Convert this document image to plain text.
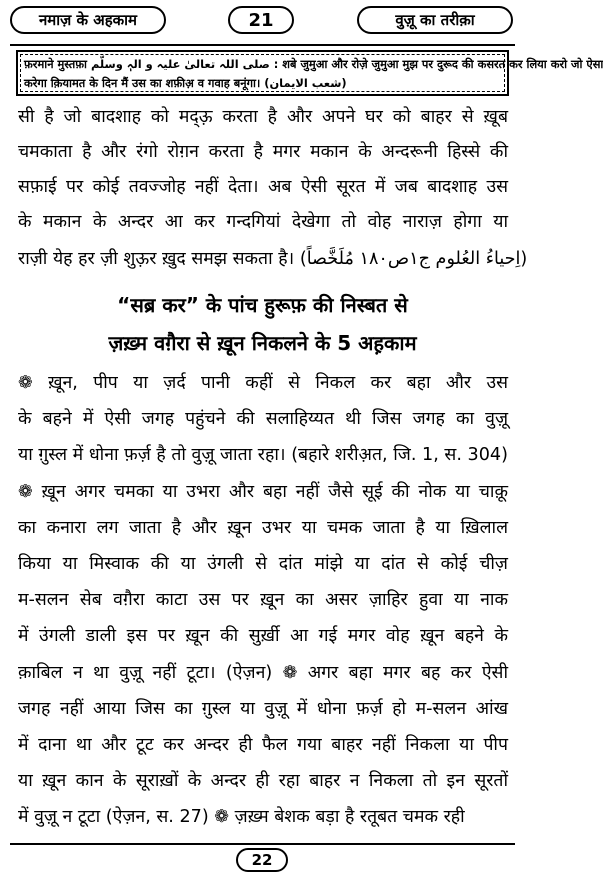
नमाज़ के अहकाम	21	वुज़ू का तरीक़ा
फ़रमाने मुस्तफ़ा صلی اللہ تعالیٰ علیہ و الہٖ وسلّم : शबे जुमुआ और रोज़े जुमुआ मुझ पर दुरूद की कसरत कर लिया करो जो ऐसा
करेगा क़ियामत के दिन मैं उस का शफ़ीअ़ व गवाह बनूंगा। (شعب الایمان)
सी है जो बादशाह को मद्ऊ़ करता है और अपने घर को बाहर से ख़ूब
चमकाता है और रंगो रोग़न करता है मगर मकान के अन्दरूनी हिस्से की
सफ़ाई पर कोई तवज्जोह नहीं देता। अब ऐसी सूरत में जब बादशाह उस
के मकान के अन्दर आ कर गन्दगियां देखेगा तो वोह नाराज़ होगा या
राज़ी येह हर ज़ी शुऊ़र ख़ुद समझ सकता है। (اِحیاءُ العُلوم ج۱ص۱۸۰ مُلَخَّصاً)
“सब्र कर” के पांच हुरूफ़ की निस्बत से
ज़ख़्म वग़ैरा से ख़ून निकलने के 5 अह़काम
❁ ख़ून, पीप या ज़र्द पानी कहीं से निकल कर बहा और उस
के बहने में ऐसी जगह पहुंचने की सलाहिय्यत थी जिस जगह का वुज़ू
या ग़ुस्ल में धोना फ़र्ज़ है तो वुज़ू जाता रहा। (बहारे शरीअ़त, जि. 1, स. 304)
❁ ख़ून अगर चमका या उभरा और बहा नहीं जैसे सूई की नोक या चाक़ू
का कनारा लग जाता है और ख़ून उभर या चमक जाता है या ख़िलाल
किया या मिस्वाक की या उंगली से दांत मांझे या दांत से कोई चीज़
म-सलन सेब वग़ैरा काटा उस पर ख़ून का असर ज़ाहिर हुवा या नाक
में उंगली डाली इस पर ख़ून की सुर्ख़ी आ गई मगर वोह ख़ून बहने के
क़ाबिल न था वुज़ू नहीं टूटा। (ऐज़न) ❁ अगर बहा मगर बह कर ऐसी
जगह नहीं आया जिस का ग़ुस्ल या वुज़ू में धोना फ़र्ज़ हो म-सलन आंख
में दाना था और टूट कर अन्दर ही फैल गया बाहर नहीं निकला या पीप
या ख़ून कान के सूराख़ों के अन्दर ही रहा बाहर न निकला तो इन सूरतों
में वुज़ू न टूटा (ऐज़न, स. 27) ❁ ज़ख़्म बेशक बड़ा है रतूबत चमक रही
22
